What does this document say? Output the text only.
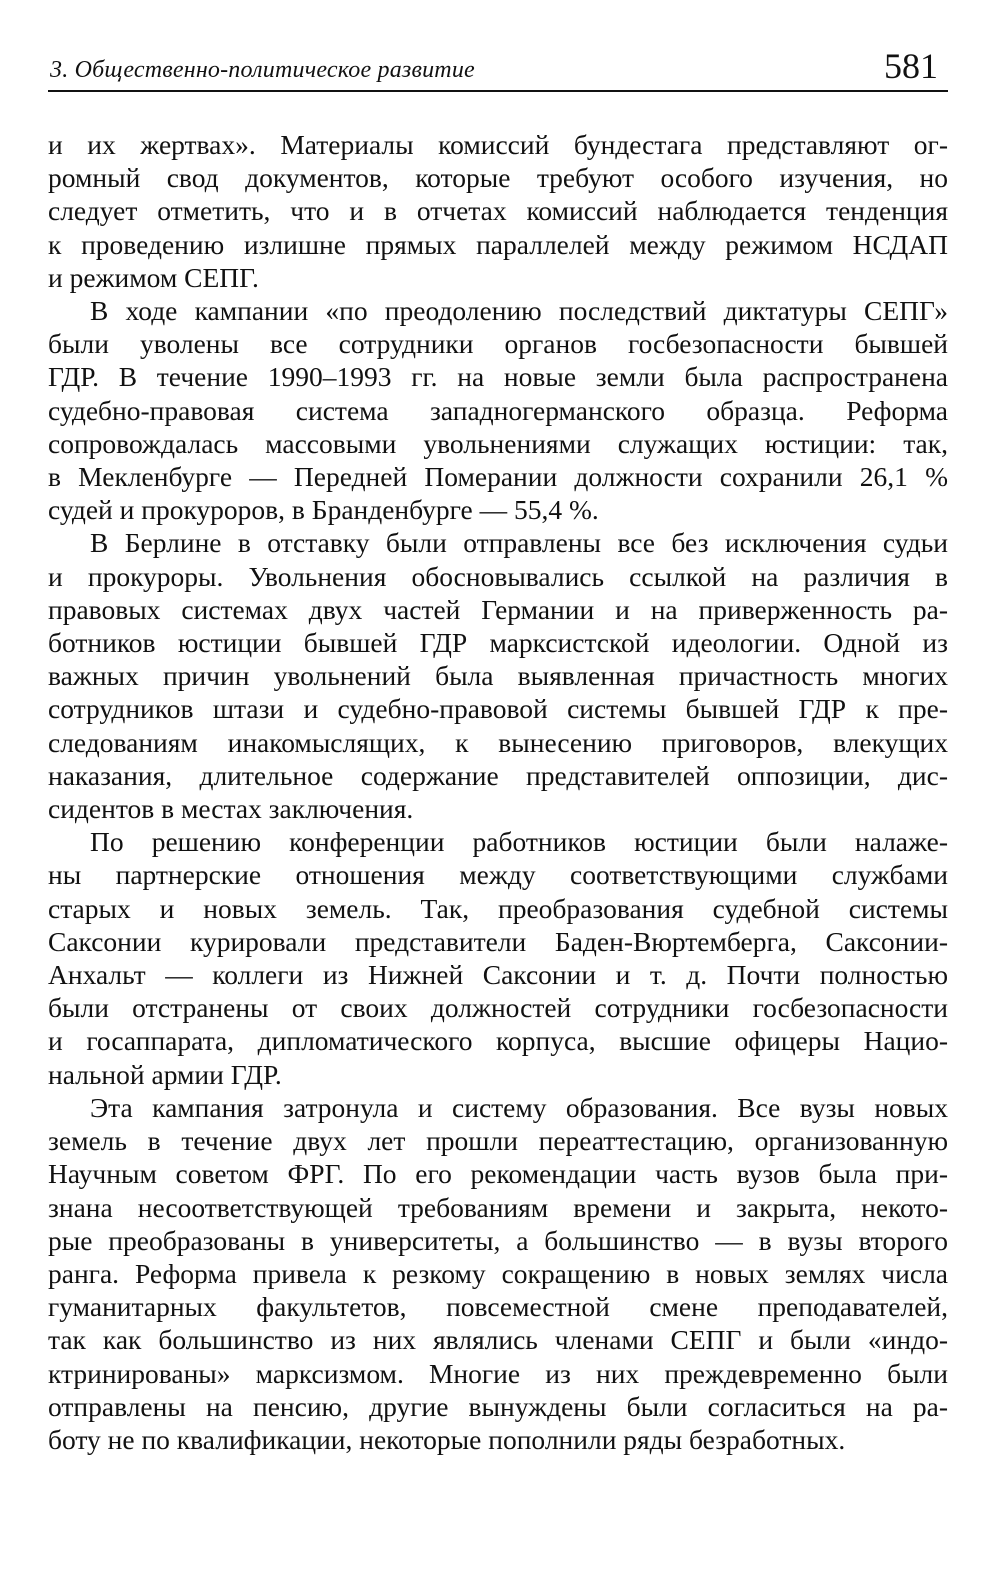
3. Общественно-политическое развитие	581
и их жертвах». Материалы комиссий бундестага представляют ог-
ромный свод документов, которые требуют особого изучения, но
следует отметить, что и в отчетах комиссий наблюдается тенденция
к проведению излишне прямых параллелей между режимом НСДАП
и режимом СЕПГ.
В ходе кампании «по преодолению последствий диктатуры СЕПГ»
были уволены все сотрудники органов госбезопасности бывшей
ГДР. В течение 1990–1993 гг. на новые земли была распространена
судебно-правовая система западногерманского образца. Реформа
сопровождалась массовыми увольнениями служащих юстиции: так,
в Мекленбурге — Передней Померании должности сохранили 26,1 %
судей и прокуроров, в Бранденбурге — 55,4 %.
В Берлине в отставку были отправлены все без исключения судьи
и прокуроры. Увольнения обосновывались ссылкой на различия в
правовых системах двух частей Германии и на приверженность ра-
ботников юстиции бывшей ГДР марксистской идеологии. Одной из
важных причин увольнений была выявленная причастность многих
сотрудников штази и судебно-правовой системы бывшей ГДР к пре-
следованиям инакомыслящих, к вынесению приговоров, влекущих
наказания, длительное содержание представителей оппозиции, дис-
сидентов в местах заключения.
По решению конференции работников юстиции были налаже-
ны партнерские отношения между соответствующими службами
старых и новых земель. Так, преобразования судебной системы
Саксонии курировали представители Баден-Вюртемберга, Саксонии-
Анхальт — коллеги из Нижней Саксонии и т. д. Почти полностью
были отстранены от своих должностей сотрудники госбезопасности
и госаппарата, дипломатического корпуса, высшие офицеры Нацио-
нальной армии ГДР.
Эта кампания затронула и систему образования. Все вузы новых
земель в течение двух лет прошли переаттестацию, организованную
Научным советом ФРГ. По его рекомендации часть вузов была при-
знана несоответствующей требованиям времени и закрыта, некото-
рые преобразованы в университеты, а большинство — в вузы второго
ранга. Реформа привела к резкому сокращению в новых землях числа
гуманитарных факультетов, повсеместной смене преподавателей,
так как большинство из них являлись членами СЕПГ и были «индо-
ктринированы» марксизмом. Многие из них преждевременно были
отправлены на пенсию, другие вынуждены были согласиться на ра-
боту не по квалификации, некоторые пополнили ряды безработных.
